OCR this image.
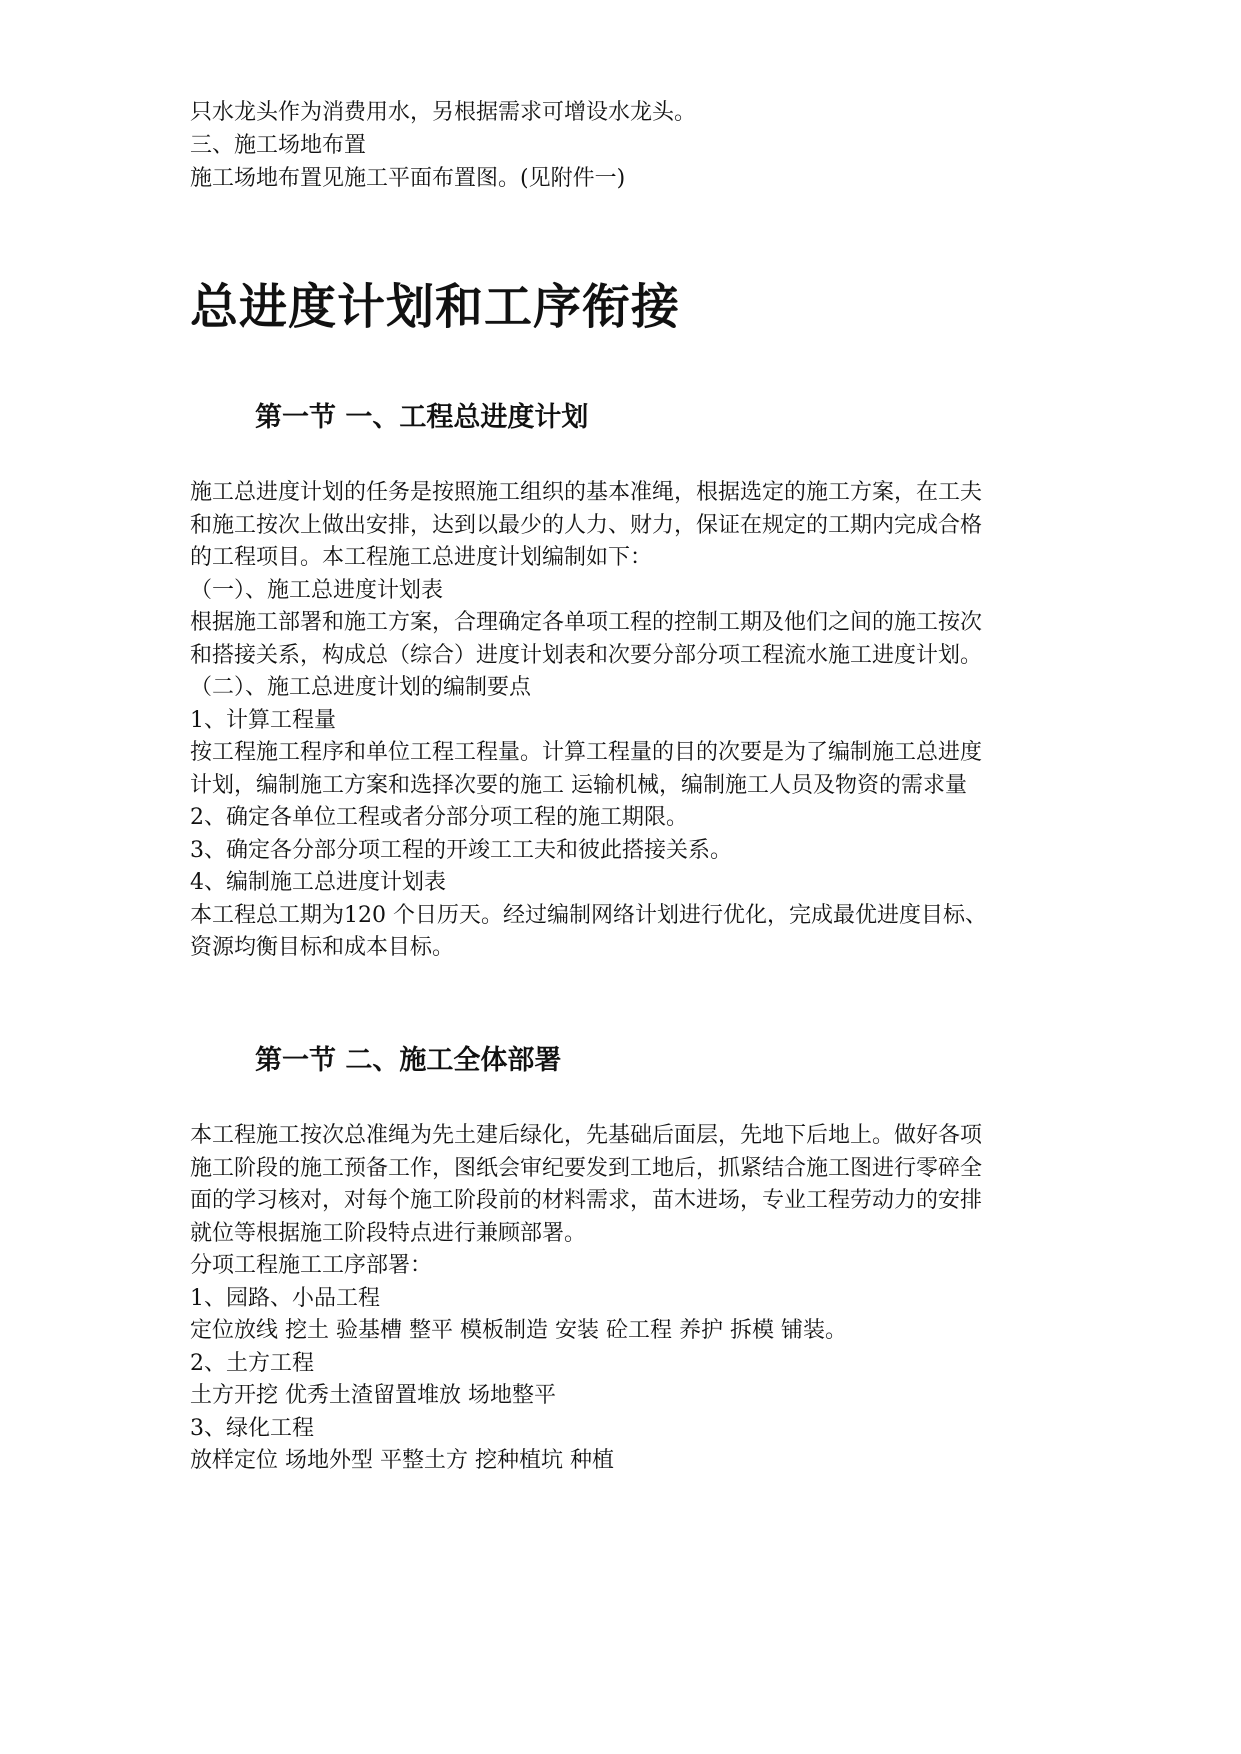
只水龙头作为消费用水，另根据需求可增设水龙头。
三、施工场地布置
施工场地布置见施工平面布置图。(见附件一)
总进度计划和工序衔接
第一节 一、工程总进度计划
施工总进度计划的任务是按照施工组织的基本准绳，根据选定的施工方案，在工夫
和施工按次上做出安排，达到以最少的人力、财力，保证在规定的工期内完成合格
的工程项目。本工程施工总进度计划编制如下：
（一）、施工总进度计划表
根据施工部署和施工方案，合理确定各单项工程的控制工期及他们之间的施工按次
和搭接关系，构成总（综合）进度计划表和次要分部分项工程流水施工进度计划。
（二）、施工总进度计划的编制要点
1、计算工程量
按工程施工程序和单位工程工程量。计算工程量的目的次要是为了编制施工总进度
计划，编制施工方案和选择次要的施工 运输机械，编制施工人员及物资的需求量
2、确定各单位工程或者分部分项工程的施工期限。
3、确定各分部分项工程的开竣工工夫和彼此搭接关系。
4、编制施工总进度计划表
本工程总工期为120 个日历天。经过编制网络计划进行优化，完成最优进度目标、
资源均衡目标和成本目标。
第一节 二、施工全体部署
本工程施工按次总准绳为先土建后绿化，先基础后面层，先地下后地上。做好各项
施工阶段的施工预备工作，图纸会审纪要发到工地后，抓紧结合施工图进行零碎全
面的学习核对，对每个施工阶段前的材料需求，苗木进场，专业工程劳动力的安排
就位等根据施工阶段特点进行兼顾部署。
分项工程施工工序部署：
1、园路、小品工程
定位放线 挖土 验基槽 整平 模板制造 安装 砼工程 养护 拆模 铺装。
2、土方工程
土方开挖 优秀土渣留置堆放 场地整平
3、绿化工程
放样定位 场地外型 平整土方 挖种植坑 种植
